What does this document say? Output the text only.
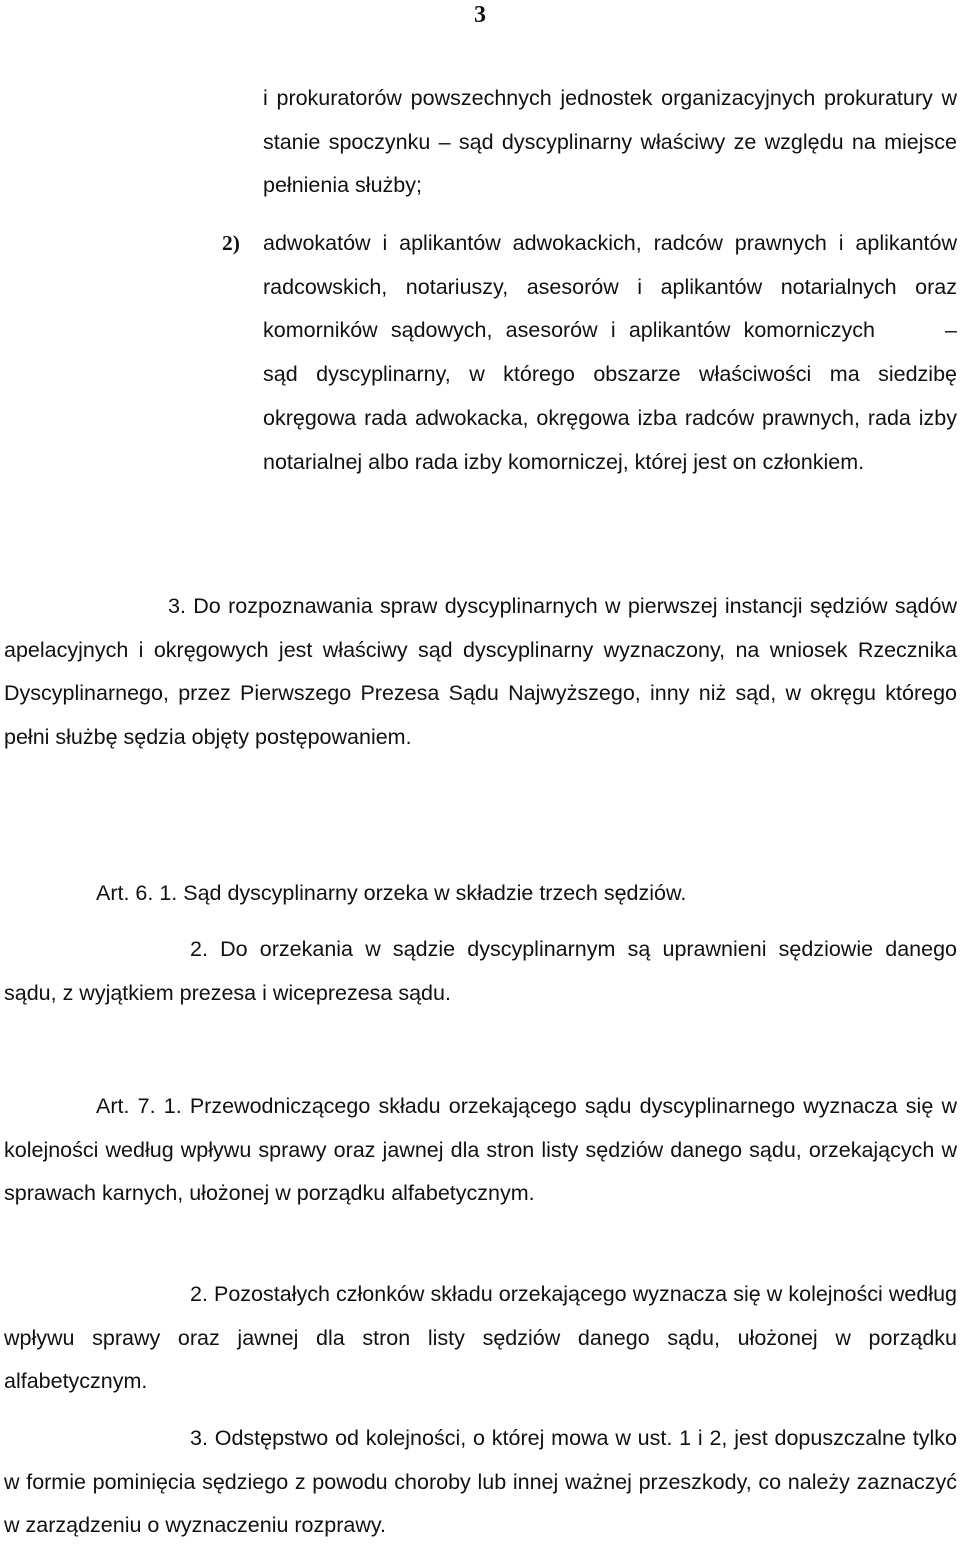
3

i prokuratorów powszechnych jednostek organizacyjnych prokuratury w stanie spoczynku – sąd dyscyplinarny właściwy ze względu na miejsce pełnienia służby;

2) adwokatów i aplikantów adwokackich, radców prawnych i aplikantów radcowskich, notariuszy, asesorów i aplikantów notarialnych oraz komorników sądowych, asesorów i aplikantów komorniczych	– sąd dyscyplinarny, w którego obszarze właściwości ma siedzibę okręgowa rada adwokacka, okręgowa izba radców prawnych, rada izby notarialnej albo rada izby komorniczej, której jest on członkiem.

3. Do rozpoznawania spraw dyscyplinarnych w pierwszej instancji sędziów sądów apelacyjnych i okręgowych jest właściwy sąd dyscyplinarny wyznaczony, na wniosek Rzecznika Dyscyplinarnego, przez Pierwszego Prezesa Sądu Najwyższego, inny niż sąd, w okręgu którego pełni służbę sędzia objęty postępowaniem.

Art. 6. 1. Sąd dyscyplinarny orzeka w składzie trzech sędziów.

2. Do orzekania w sądzie dyscyplinarnym są uprawnieni sędziowie danego sądu, z wyjątkiem prezesa i wiceprezesa sądu.

Art. 7. 1. Przewodniczącego składu orzekającego sądu dyscyplinarnego wyznacza się w kolejności według wpływu sprawy oraz jawnej dla stron listy sędziów danego sądu, orzekających w sprawach karnych, ułożonej w porządku alfabetycznym.

2. Pozostałych członków składu orzekającego wyznacza się w kolejności według wpływu sprawy oraz jawnej dla stron listy sędziów danego sądu, ułożonej w porządku alfabetycznym.

3. Odstępstwo od kolejności, o której mowa w ust. 1 i 2, jest dopuszczalne tylko w formie pominięcia sędziego z powodu choroby lub innej ważnej przeszkody, co należy zaznaczyć w zarządzeniu o wyznaczeniu rozprawy.
